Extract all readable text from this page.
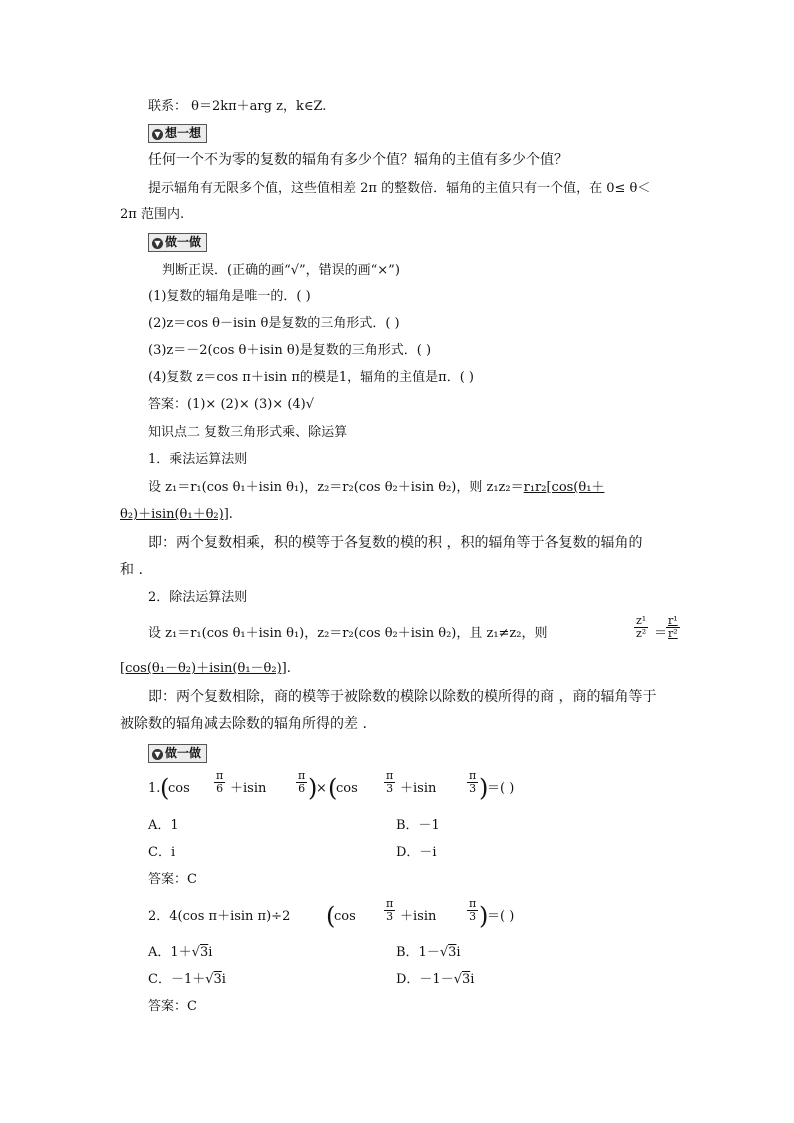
联系： θ＝2kπ＋arg z，k∈Z.
▼ 想一想
任何一个不为零的复数的辐角有多少个值？辐角的主值有多少个值？
提示辐角有无限多个值，这些值相差 2π 的整数倍．辐角的主值只有一个值，在 0≤ θ＜
2π 范围内.
▼ 做一做
判断正误．(正确的画“√”，错误的画“×”)
(1)复数的辐角是唯一的．( )
(2)z＝cos θ－isin θ是复数的三角形式．( )
(3)z＝－2(cos θ＋isin θ)是复数的三角形式．( )
(4)复数 z＝cos π＋isin π的模是1，辐角的主值是π．( )
答案：(1)× (2)× (3)× (4)√
知识点二 复数三角形式乘、除运算
1．乘法运算法则
设 z₁＝r₁(cos θ₁＋isin θ₁)，z₂＝r₂(cos θ₂＋isin θ₂)，则 z₁z₂＝r₁r₂[cos(θ₁＋
θ₂)＋isin(θ₁＋θ₂)].
即：两个复数相乘，积的模等于各复数的模的积 ，积的辐角等于各复数的辐角的
和 .
2．除法运算法则
设 z₁＝r₁(cos θ₁＋isin θ₁)，z₂＝r₂(cos θ₂＋isin θ₂)，且 z₁≠z₂，则	$\frac{\text{z¹}}{\text{z²}}$ ＝
$\frac{\text{r¹}}{\text{r²}}$
[cos(θ₁－θ₂)＋isin(θ₁－θ₂)].
即：两个复数相除，商的模等于被除数的模除以除数的模所得的商 ，商的辐角等于
被除数的辐角减去除数的辐角所得的差 .
▼ 做一做
1. (
$\cos \frac{\pi}{6} +isin$	$\frac{\pi}{6}$ )
× (
$\cos \frac{\pi}{3} +isin$	$\frac{\pi}{3}$ )
＝( )
A．1	B．－1
C．i	D．－i
答案：C
2．4(cos π＋isin π)÷2 (
cos	$\frac{\pi}{3} +isin$	$\frac{\pi}{3}$ )
＝( )
A．1＋√3i	B．1－√3i
C．－1＋√3i	D．－1－√3i
答案：C
